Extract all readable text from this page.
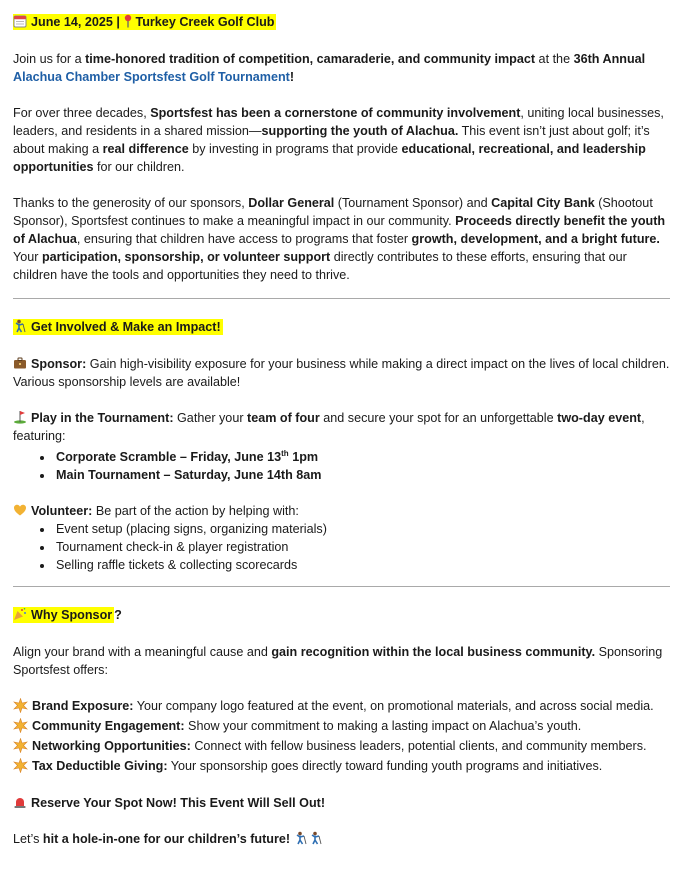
June 14, 2025 | Turkey Creek Golf Club

Join us for a time-honored tradition of competition, camaraderie, and community impact at the 36th Annual
Alachua Chamber Sportsfest Golf Tournament!

For over three decades, Sportsfest has been a cornerstone of community involvement, uniting local businesses, leaders, and residents in a shared mission—supporting the youth of Alachua. This event isn’t just about golf; it’s about making a real difference by investing in programs that provide educational, recreational, and leadership opportunities for our children.

Thanks to the generosity of our sponsors, Dollar General (Tournament Sponsor) and Capital City Bank (Shootout Sponsor), Sportsfest continues to make a meaningful impact in our community. Proceeds directly benefit the youth of Alachua, ensuring that children have access to programs that foster growth, development, and a bright future.

Your participation, sponsorship, or volunteer support directly contributes to these efforts, ensuring that our children have the tools and opportunities they need to thrive.

Get Involved & Make an Impact!

Sponsor: Gain high-visibility exposure for your business while making a direct impact on the lives of local children. Various sponsorship levels are available!

Play in the Tournament: Gather your team of four and secure your spot for an unforgettable two-day event, featuring:

• Corporate Scramble – Friday, June 13th 1pm
• Main Tournament – Saturday, June 14th 8am

Volunteer: Be part of the action by helping with:

• Event setup (placing signs, organizing materials)
• Tournament check-in & player registration
• Selling raffle tickets & collecting scorecards

Why Sponsor ?

Align your brand with a meaningful cause and gain recognition within the local business community. Sponsoring Sportsfest offers:

Brand Exposure: Your company logo featured at the event, on promotional materials, and across social media.

Community Engagement: Show your commitment to making a lasting impact on Alachua’s youth.

Networking Opportunities: Connect with fellow business leaders, potential clients, and community members.

Tax Deductible Giving: Your sponsorship goes directly toward funding youth programs and initiatives.

Reserve Your Spot Now! This Event Will Sell Out!

Let’s hit a hole-in-one for our children’s future!
